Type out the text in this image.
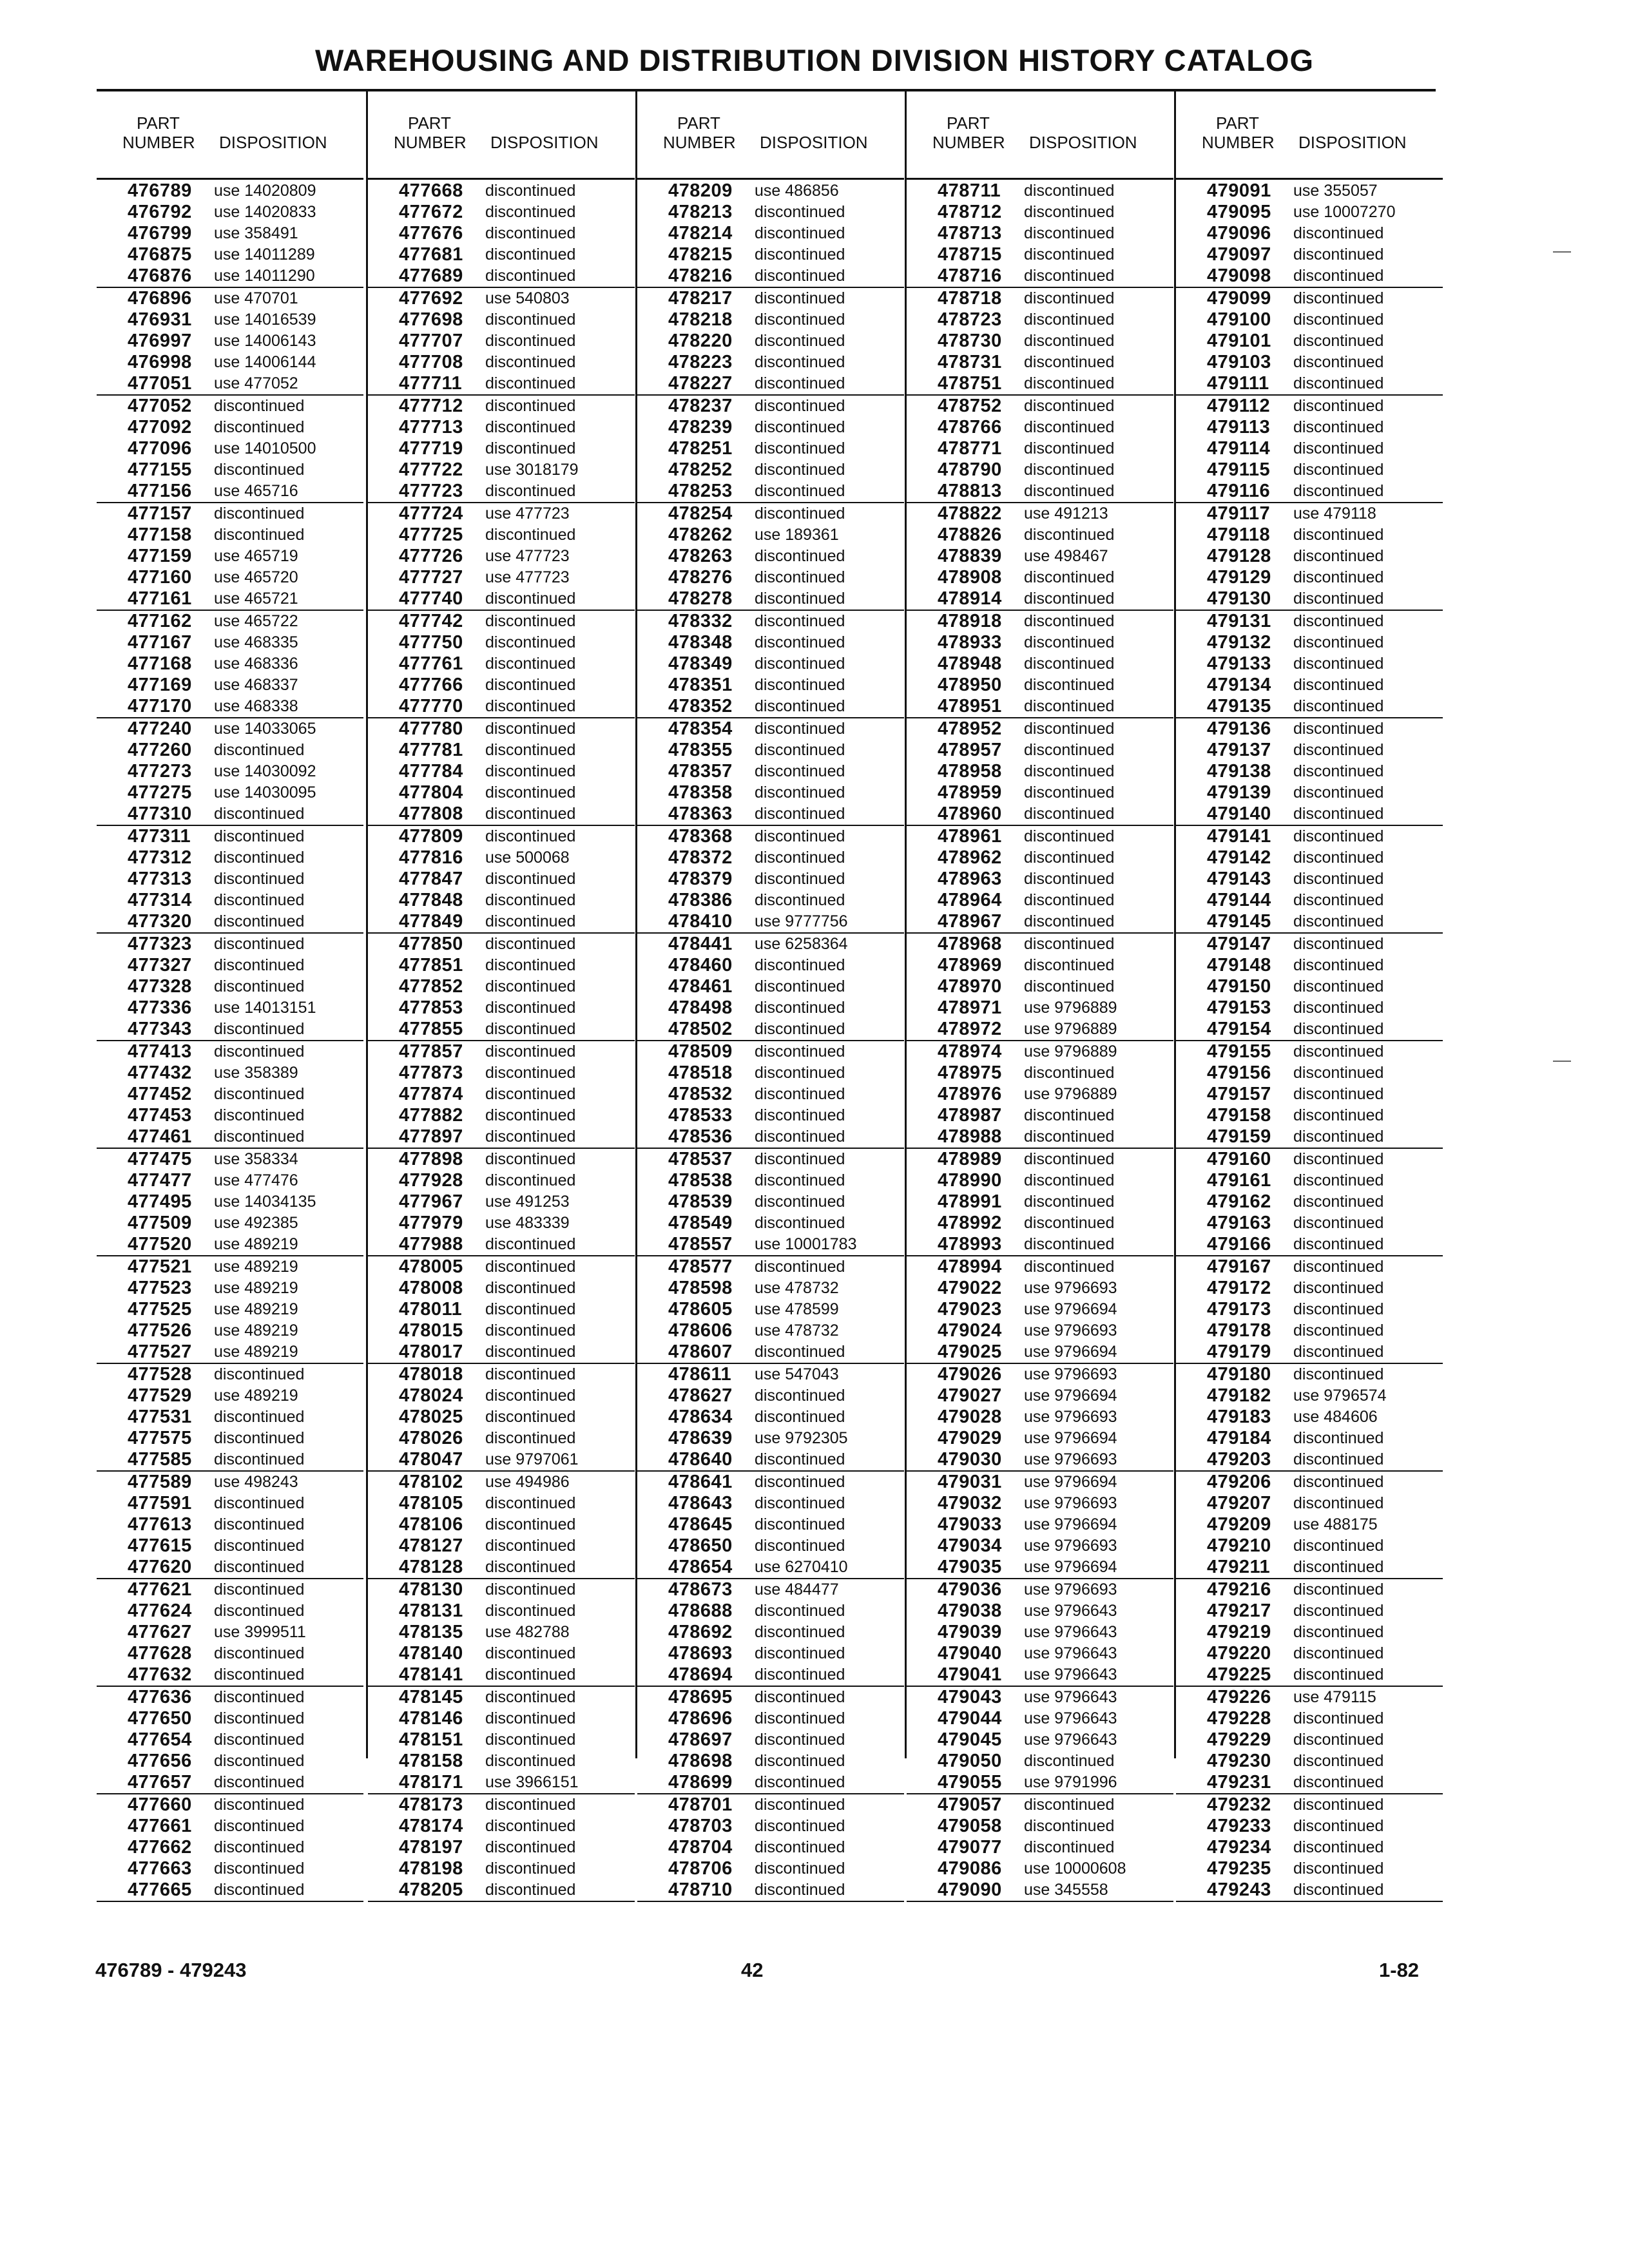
WAREHOUSING AND DISTRIBUTION DIVISION HISTORY CATALOG
PART
NUMBER DISPOSITION
476789 use 14020809
476792 use 14020833
476799 use 358491
476875 use 14011289
476876 use 14011290
476896 use 470701
476931 use 14016539
476997 use 14006143
476998 use 14006144
477051 use 477052
477052 discontinued
477092 discontinued
477096 use 14010500
477155 discontinued
477156 use 465716
477157 discontinued
477158 discontinued
477159 use 465719
477160 use 465720
477161 use 465721
477162 use 465722
477167 use 468335
477168 use 468336
477169 use 468337
477170 use 468338
477240 use 14033065
477260 discontinued
477273 use 14030092
477275 use 14030095
477310 discontinued
477311 discontinued
477312 discontinued
477313 discontinued
477314 discontinued
477320 discontinued
477323 discontinued
477327 discontinued
477328 discontinued
477336 use 14013151
477343 discontinued
477413 discontinued
477432 use 358389
477452 discontinued
477453 discontinued
477461 discontinued
477475 use 358334
477477 use 477476
477495 use 14034135
477509 use 492385
477520 use 489219
477521 use 489219
477523 use 489219
477525 use 489219
477526 use 489219
477527 use 489219
477528 discontinued
477529 use 489219
477531 discontinued
477575 discontinued
477585 discontinued
477589 use 498243
477591 discontinued
477613 discontinued
477615 discontinued
477620 discontinued
477621 discontinued
477624 discontinued
477627 use 3999511
477628 discontinued
477632 discontinued
477636 discontinued
477650 discontinued
477654 discontinued
477656 discontinued
477657 discontinued
477660 discontinued
477661 discontinued
477662 discontinued
477663 discontinued
477665 discontinued
PART
NUMBER DISPOSITION
477668 discontinued
477672 discontinued
477676 discontinued
477681 discontinued
477689 discontinued
477692 use 540803
477698 discontinued
477707 discontinued
477708 discontinued
477711 discontinued
477712 discontinued
477713 discontinued
477719 discontinued
477722 use 3018179
477723 discontinued
477724 use 477723
477725 discontinued
477726 use 477723
477727 use 477723
477740 discontinued
477742 discontinued
477750 discontinued
477761 discontinued
477766 discontinued
477770 discontinued
477780 discontinued
477781 discontinued
477784 discontinued
477804 discontinued
477808 discontinued
477809 discontinued
477816 use 500068
477847 discontinued
477848 discontinued
477849 discontinued
477850 discontinued
477851 discontinued
477852 discontinued
477853 discontinued
477855 discontinued
477857 discontinued
477873 discontinued
477874 discontinued
477882 discontinued
477897 discontinued
477898 discontinued
477928 discontinued
477967 use 491253
477979 use 483339
477988 discontinued
478005 discontinued
478008 discontinued
478011 discontinued
478015 discontinued
478017 discontinued
478018 discontinued
478024 discontinued
478025 discontinued
478026 discontinued
478047 use 9797061
478102 use 494986
478105 discontinued
478106 discontinued
478127 discontinued
478128 discontinued
478130 discontinued
478131 discontinued
478135 use 482788
478140 discontinued
478141 discontinued
478145 discontinued
478146 discontinued
478151 discontinued
478158 discontinued
478171 use 3966151
478173 discontinued
478174 discontinued
478197 discontinued
478198 discontinued
478205 discontinued
PART
NUMBER DISPOSITION
478209 use 486856
478213 discontinued
478214 discontinued
478215 discontinued
478216 discontinued
478217 discontinued
478218 discontinued
478220 discontinued
478223 discontinued
478227 discontinued
478237 discontinued
478239 discontinued
478251 discontinued
478252 discontinued
478253 discontinued
478254 discontinued
478262 use 189361
478263 discontinued
478276 discontinued
478278 discontinued
478332 discontinued
478348 discontinued
478349 discontinued
478351 discontinued
478352 discontinued
478354 discontinued
478355 discontinued
478357 discontinued
478358 discontinued
478363 discontinued
478368 discontinued
478372 discontinued
478379 discontinued
478386 discontinued
478410 use 9777756
478441 use 6258364
478460 discontinued
478461 discontinued
478498 discontinued
478502 discontinued
478509 discontinued
478518 discontinued
478532 discontinued
478533 discontinued
478536 discontinued
478537 discontinued
478538 discontinued
478539 discontinued
478549 discontinued
478557 use 10001783
478577 discontinued
478598 use 478732
478605 use 478599
478606 use 478732
478607 discontinued
478611 use 547043
478627 discontinued
478634 discontinued
478639 use 9792305
478640 discontinued
478641 discontinued
478643 discontinued
478645 discontinued
478650 discontinued
478654 use 6270410
478673 use 484477
478688 discontinued
478692 discontinued
478693 discontinued
478694 discontinued
478695 discontinued
478696 discontinued
478697 discontinued
478698 discontinued
478699 discontinued
478701 discontinued
478703 discontinued
478704 discontinued
478706 discontinued
478710 discontinued
PART
NUMBER DISPOSITION
478711 discontinued
478712 discontinued
478713 discontinued
478715 discontinued
478716 discontinued
478718 discontinued
478723 discontinued
478730 discontinued
478731 discontinued
478751 discontinued
478752 discontinued
478766 discontinued
478771 discontinued
478790 discontinued
478813 discontinued
478822 use 491213
478826 discontinued
478839 use 498467
478908 discontinued
478914 discontinued
478918 discontinued
478933 discontinued
478948 discontinued
478950 discontinued
478951 discontinued
478952 discontinued
478957 discontinued
478958 discontinued
478959 discontinued
478960 discontinued
478961 discontinued
478962 discontinued
478963 discontinued
478964 discontinued
478967 discontinued
478968 discontinued
478969 discontinued
478970 discontinued
478971 use 9796889
478972 use 9796889
478974 use 9796889
478975 discontinued
478976 use 9796889
478987 discontinued
478988 discontinued
478989 discontinued
478990 discontinued
478991 discontinued
478992 discontinued
478993 discontinued
478994 discontinued
479022 use 9796693
479023 use 9796694
479024 use 9796693
479025 use 9796694
479026 use 9796693
479027 use 9796694
479028 use 9796693
479029 use 9796694
479030 use 9796693
479031 use 9796694
479032 use 9796693
479033 use 9796694
479034 use 9796693
479035 use 9796694
479036 use 9796693
479038 use 9796643
479039 use 9796643
479040 use 9796643
479041 use 9796643
479043 use 9796643
479044 use 9796643
479045 use 9796643
479050 discontinued
479055 use 9791996
479057 discontinued
479058 discontinued
479077 discontinued
479086 use 10000608
479090 use 345558
PART
NUMBER DISPOSITION
479091 use 355057
479095 use 10007270
479096 discontinued
479097 discontinued
479098 discontinued
479099 discontinued
479100 discontinued
479101 discontinued
479103 discontinued
479111 discontinued
479112 discontinued
479113 discontinued
479114 discontinued
479115 discontinued
479116 discontinued
479117 use 479118
479118 discontinued
479128 discontinued
479129 discontinued
479130 discontinued
479131 discontinued
479132 discontinued
479133 discontinued
479134 discontinued
479135 discontinued
479136 discontinued
479137 discontinued
479138 discontinued
479139 discontinued
479140 discontinued
479141 discontinued
479142 discontinued
479143 discontinued
479144 discontinued
479145 discontinued
479147 discontinued
479148 discontinued
479150 discontinued
479153 discontinued
479154 discontinued
479155 discontinued
479156 discontinued
479157 discontinued
479158 discontinued
479159 discontinued
479160 discontinued
479161 discontinued
479162 discontinued
479163 discontinued
479166 discontinued
479167 discontinued
479172 discontinued
479173 discontinued
479178 discontinued
479179 discontinued
479180 discontinued
479182 use 9796574
479183 use 484606
479184 discontinued
479203 discontinued
479206 discontinued
479207 discontinued
479209 use 488175
479210 discontinued
479211 discontinued
479216 discontinued
479217 discontinued
479219 discontinued
479220 discontinued
479225 discontinued
479226 use 479115
479228 discontinued
479229 discontinued
479230 discontinued
479231 discontinued
479232 discontinued
479233 discontinued
479234 discontinued
479235 discontinued
479243 discontinued
476789 - 479243	42	1-82
